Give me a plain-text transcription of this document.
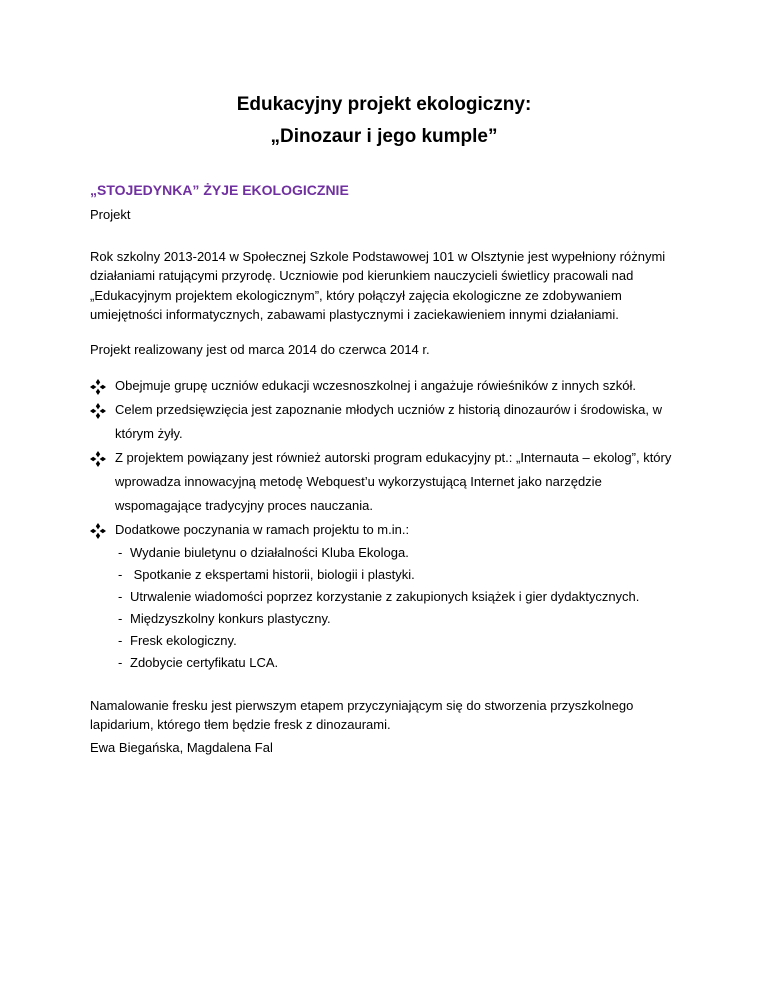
Edukacyjny projekt ekologiczny:
„Dinozaur i jego kumple”
„STOJEDYNKA” ŻYJE EKOLOGICZNIE
Projekt
Rok szkolny 2013-2014 w Społecznej Szkole Podstawowej 101 w Olsztynie jest wypełniony różnymi działaniami ratującymi przyrodę. Uczniowie pod kierunkiem nauczycieli świetlicy pracowali nad „Edukacyjnym projektem ekologicznym”, który połączył zajęcia ekologiczne ze zdobywaniem umiejętności informatycznych, zabawami plastycznymi i zaciekawieniem innymi działaniami.
Projekt realizowany jest od marca 2014 do czerwca 2014 r.
Obejmuje grupę uczniów edukacji wczesnoszkolnej i angażuje rówieśników z innych szkół.
Celem przedsięwzięcia jest zapoznanie młodych uczniów z historią dinozaurów i środowiska, w którym żyły.
Z projektem powiązany jest również autorski program edukacyjny pt.: „Internauta – ekolog”, który wprowadza innowacyjną metodę Webquest’u wykorzystującą Internet jako narzędzie wspomagające tradycyjny proces nauczania.
Dodatkowe poczynania w ramach projektu to m.in.:
- Wydanie biuletynu o działalności Kluba Ekologa.
- Spotkanie z ekspertami historii, biologii i plastyki.
- Utrwalenie wiadomości poprzez korzystanie z zakupionych książek i gier dydaktycznych.
- Międzyszkolny konkurs plastyczny.
- Fresk ekologiczny.
- Zdobycie certyfikatu LCA.
Namalowanie fresku jest pierwszym etapem przyczyniającym się do stworzenia przyszkolnego lapidarium, którego tłem będzie fresk z dinozaurami.
Ewa Biegańska, Magdalena Fal
